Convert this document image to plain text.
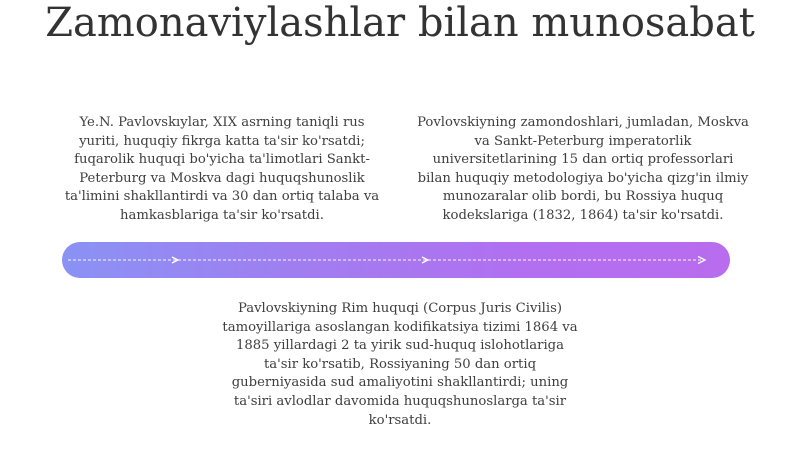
Zamonaviylashlar bilan munosabat

Ye.N. Pavlovskıylar, XIX asrning taniqli rus yuriti, huquqiy fikrga katta ta'sir ko'rsatdi; fuqarolik huquqi bo'yicha ta'limotlari Sankt-Peterburg va Moskva dagi huquqshunoslik ta'limini shakllantirdi va 30 dan ortiq talaba va hamkasblariga ta'sir ko'rsatdi.

Povlovskiyning zamondoshlari, jumladan, Moskva va Sankt-Peterburg imperatorlik universitetlarining 15 dan ortiq professorlari bilan huquqiy metodologiya bo'yicha qizg'in ilmiy munozaralar olib bordi, bu Rossiya huquq kodekslariga (1832, 1864) ta'sir ko'rsatdi.

Pavlovskiyning Rim huquqi (Corpus Juris Civilis) tamoyillariga asoslangan kodifikatsiya tizimi 1864 va 1885 yillardagi 2 ta yirik sud-huquq islohotlariga ta'sir ko'rsatib, Rossiyaning 50 dan ortiq guberniyasida sud amaliyotini shakllantirdi; uning ta'siri avlodlar davomida huquqshunoslarga ta'sir ko'rsatdi.
